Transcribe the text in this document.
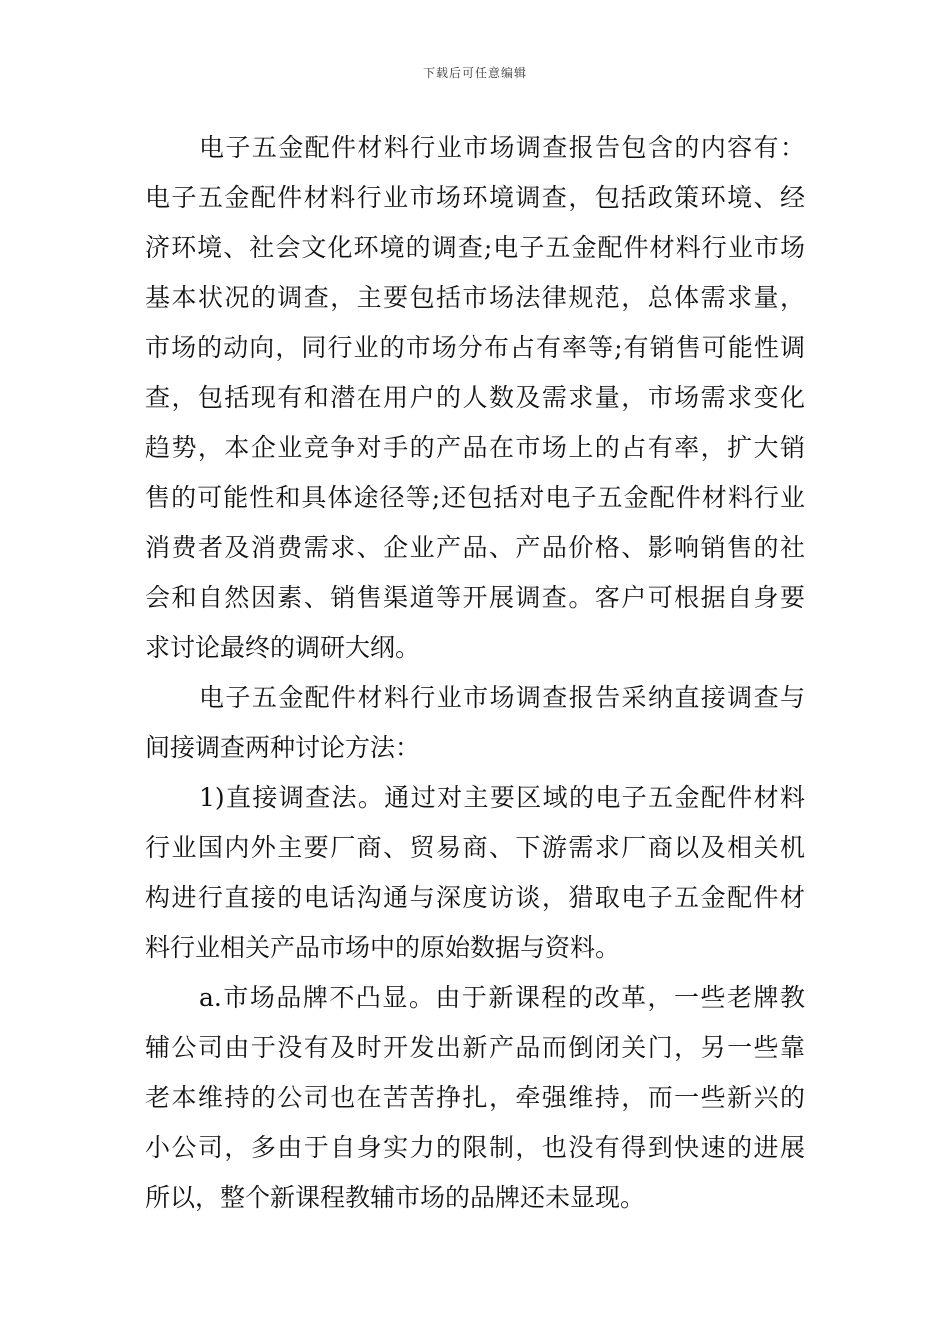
下载后可任意编辑
电子五金配件材料行业市场调查报告包含的内容有：
电子五金配件材料行业市场环境调查，包括政策环境、经
济环境、社会文化环境的调查;电子五金配件材料行业市场
基本状况的调查，主要包括市场法律规范，总体需求量，
市场的动向，同行业的市场分布占有率等;有销售可能性调
查，包括现有和潜在用户的人数及需求量，市场需求变化
趋势，本企业竞争对手的产品在市场上的占有率，扩大销
售的可能性和具体途径等;还包括对电子五金配件材料行业
消费者及消费需求、企业产品、产品价格、影响销售的社
会和自然因素、销售渠道等开展调查。客户可根据自身要
求讨论最终的调研大纲。
电子五金配件材料行业市场调查报告采纳直接调查与
间接调查两种讨论方法：
1)直接调查法。通过对主要区域的电子五金配件材料
行业国内外主要厂商、贸易商、下游需求厂商以及相关机
构进行直接的电话沟通与深度访谈，猎取电子五金配件材
料行业相关产品市场中的原始数据与资料。
a.市场品牌不凸显。由于新课程的改革，一些老牌教
辅公司由于没有及时开发出新产品而倒闭关门，另一些靠
老本维持的公司也在苦苦挣扎，牵强维持，而一些新兴的
小公司，多由于自身实力的限制，也没有得到快速的进展
所以，整个新课程教辅市场的品牌还未显现。
